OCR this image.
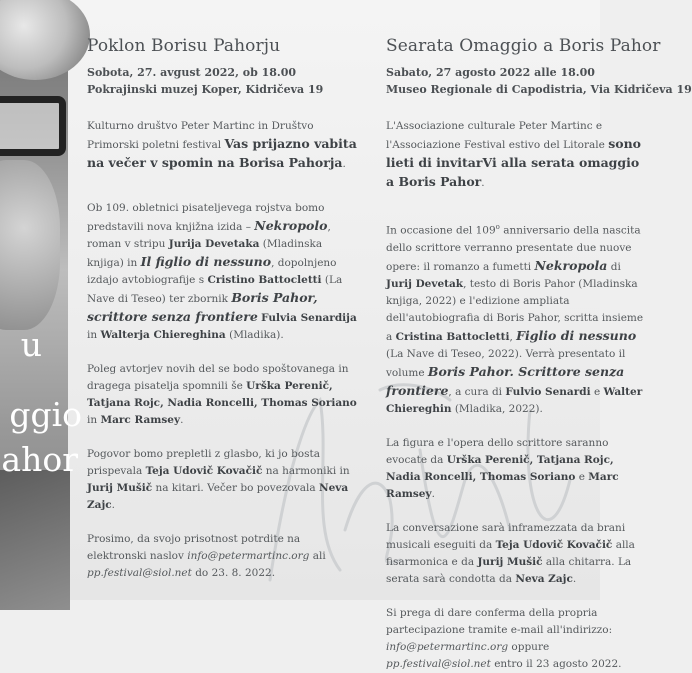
u
ggio
ahor
Poklon Borisu Pahorju
Sobota, 27. avgust 2022, ob 18.00
Pokrajinski muzej Koper, Kidričeva 19

Kulturno društvo Peter Martinc in Društvo Primorski poletni festival Vas prijazno vabita na večer v spomin na Borisa Pahorja.

Ob 109. obletnici pisateljevega rojstva bomo predstavili nova knjižna izida – Nekropolo, roman v stripu Jurija Devetaka (Mladinska knjiga) in Il figlio di nessuno, dopolnjeno izdajo avtobiografije s Cristino Battocletti (La Nave di Teseo) ter zbornik Boris Pahor, scrittore senza frontiere Fulvia Senardija in Walterja Chiereghina (Mladika).

Poleg avtorjev novih del se bodo spoštovanega in dragega pisatelja spomnili še Urška Perenič, Tatjana Rojc, Nadia Roncelli, Thomas Soriano in Marc Ramsey.

Pogovor bomo prepletli z glasbo, ki jo bosta prispevala Teja Udovič Kovačič na harmoniki in Jurij Mušič na kitari. Večer bo povezovala Neva Zajc.

Prosimo, da svojo prisotnost potrdite na elektronski naslov info@petermartinc.org ali pp.festival@siol.net do 23. 8. 2022.

Searata Omaggio a Boris Pahor
Sabato, 27 agosto 2022 alle 18.00
Museo Regionale di Capodistria, Via Kidričeva 19

L'Associazione culturale Peter Martinc e l'Associazione Festival estivo del Litorale sono lieti di invitarVi alla serata omaggio a Boris Pahor.

In occasione del 109$^o$ anniversario della nascita dello scrittore verranno presentate due nuove opere: il romanzo a fumetti Nekropola di Jurij Devetak, testo di Boris Pahor (Mladinska knjiga, 2022) e l'edizione ampliata dell'autobiografia di Boris Pahor, scritta insieme a Cristina Battocletti, Figlio di nessuno (La Nave di Teseo, 2022). Verrà presentato il volume Boris Pahor. Scrittore senza frontiere, a cura di Fulvio Senardi e Walter Chiereghin (Mladika, 2022).

La figura e l'opera dello scrittore saranno evocate da Urška Perenič, Tatjana Rojc, Nadia Roncelli, Thomas Soriano e Marc Ramsey.

La conversazione sarà inframezzata da brani musicali eseguiti da Teja Udovič Kovačič alla fisarmonica e da Jurij Mušič alla chitarra. La serata sarà condotta da Neva Zajc.

Si prega di dare conferma della propria partecipazione tramite e-mail all'indirizzo: info@petermartinc.org oppure pp.festival@siol.net entro il 23 agosto 2022.
